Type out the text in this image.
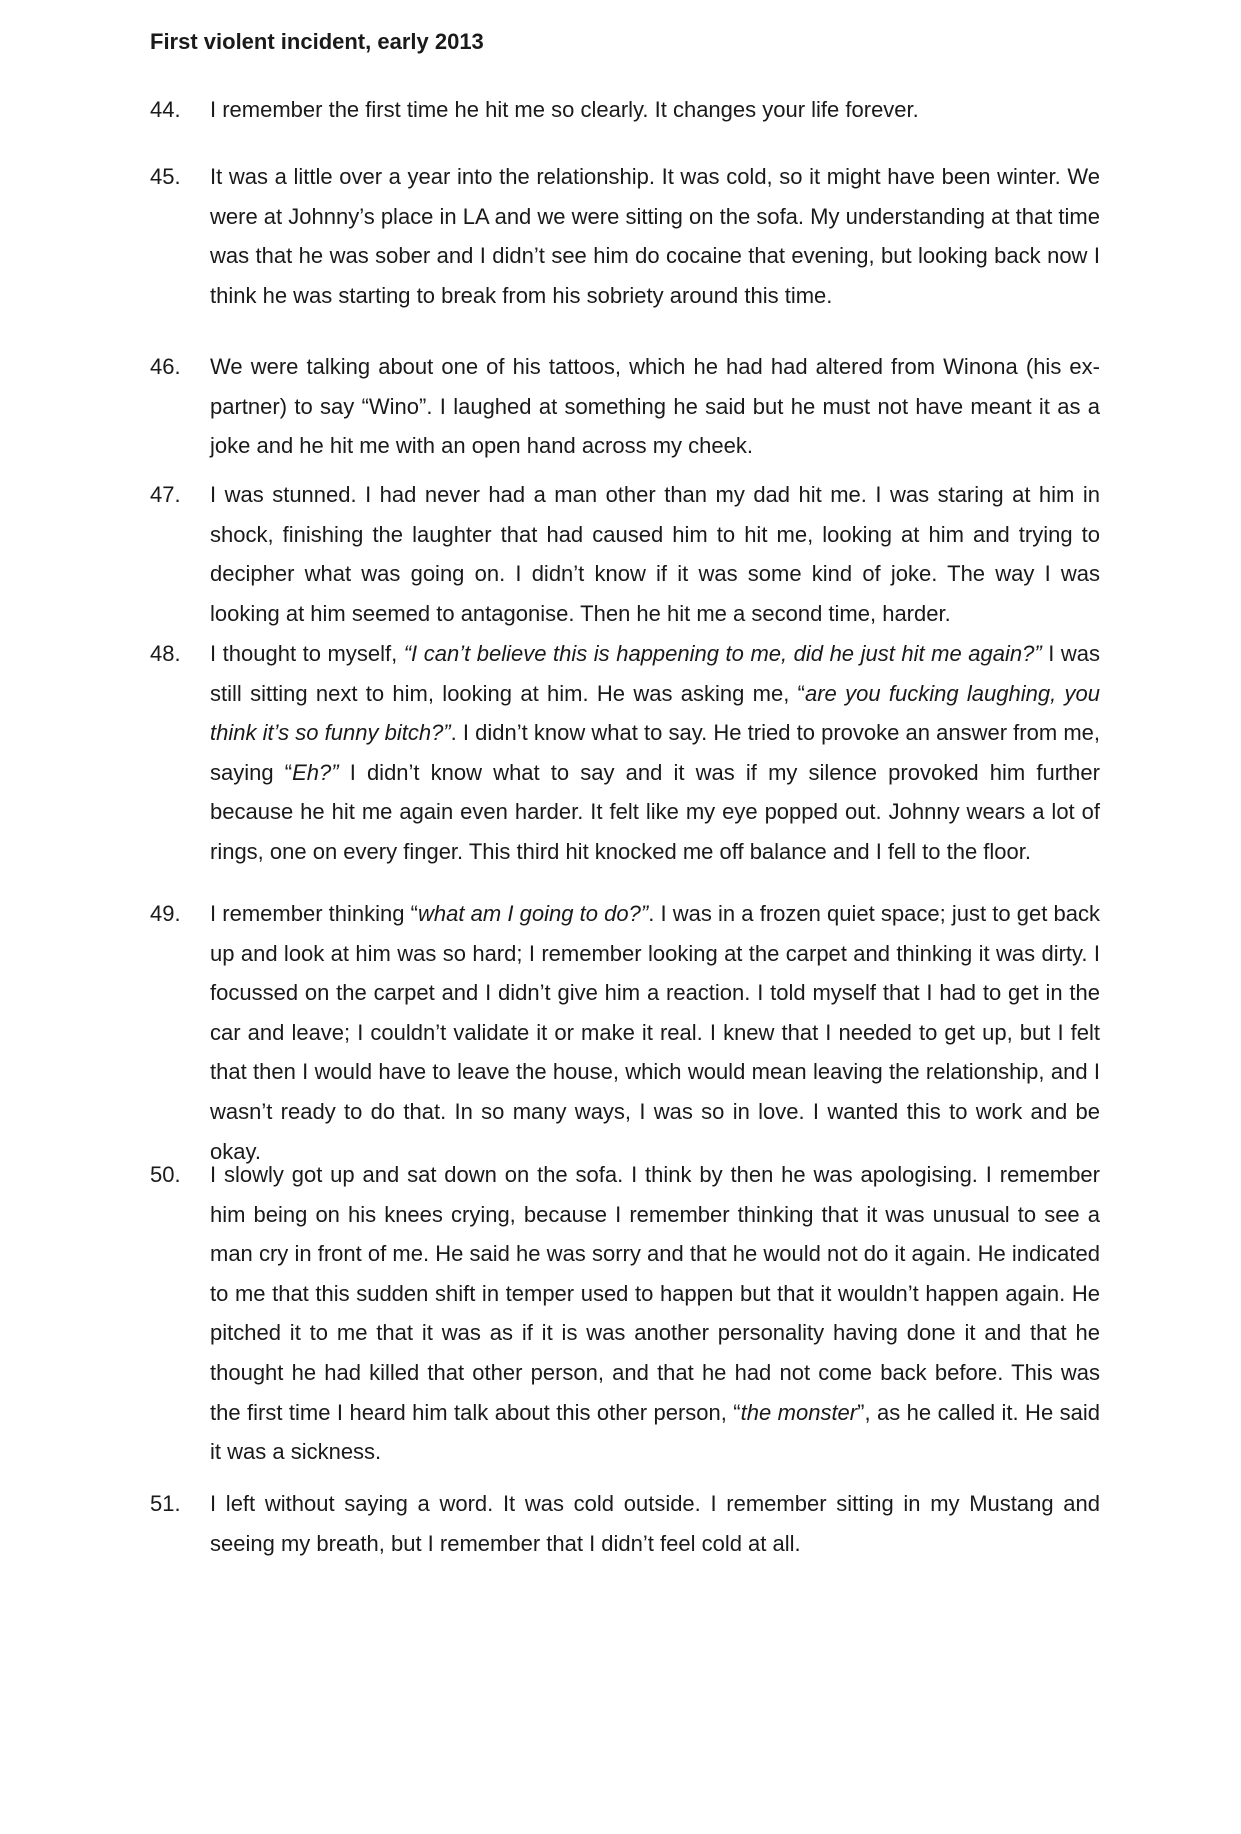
First violent incident, early 2013
44. I remember the first time he hit me so clearly. It changes your life forever.

45. It was a little over a year into the relationship. It was cold, so it might have been winter. We were at Johnny’s place in LA and we were sitting on the sofa. My understanding at that time was that he was sober and I didn’t see him do cocaine that evening, but looking back now I think he was starting to break from his sobriety around this time.

46. We were talking about one of his tattoos, which he had had altered from Winona (his ex-partner) to say “Wino”. I laughed at something he said but he must not have meant it as a joke and he hit me with an open hand across my cheek.

47. I was stunned. I had never had a man other than my dad hit me. I was staring at him in shock, finishing the laughter that had caused him to hit me, looking at him and trying to decipher what was going on. I didn’t know if it was some kind of joke. The way I was looking at him seemed to antagonise. Then he hit me a second time, harder.

48. I thought to myself, “I can’t believe this is happening to me, did he just hit me again?” I was still sitting next to him, looking at him. He was asking me, “are you fucking laughing, you think it’s so funny bitch?”. I didn’t know what to say. He tried to provoke an answer from me, saying “Eh?” I didn’t know what to say and it was if my silence provoked him further because he hit me again even harder. It felt like my eye popped out. Johnny wears a lot of rings, one on every finger. This third hit knocked me off balance and I fell to the floor.

49. I remember thinking “what am I going to do?”. I was in a frozen quiet space; just to get back up and look at him was so hard; I remember looking at the carpet and thinking it was dirty. I focussed on the carpet and I didn’t give him a reaction. I told myself that I had to get in the car and leave; I couldn’t validate it or make it real. I knew that I needed to get up, but I felt that then I would have to leave the house, which would mean leaving the relationship, and I wasn’t ready to do that. In so many ways, I was so in love. I wanted this to work and be okay.

50. I slowly got up and sat down on the sofa. I think by then he was apologising. I remember him being on his knees crying, because I remember thinking that it was unusual to see a man cry in front of me. He said he was sorry and that he would not do it again. He indicated to me that this sudden shift in temper used to happen but that it wouldn’t happen again. He pitched it to me that it was as if it is was another personality having done it and that he thought he had killed that other person, and that he had not come back before. This was the first time I heard him talk about this other person, “the monster”, as he called it. He said it was a sickness.

51. I left without saying a word. It was cold outside. I remember sitting in my Mustang and seeing my breath, but I remember that I didn’t feel cold at all.
